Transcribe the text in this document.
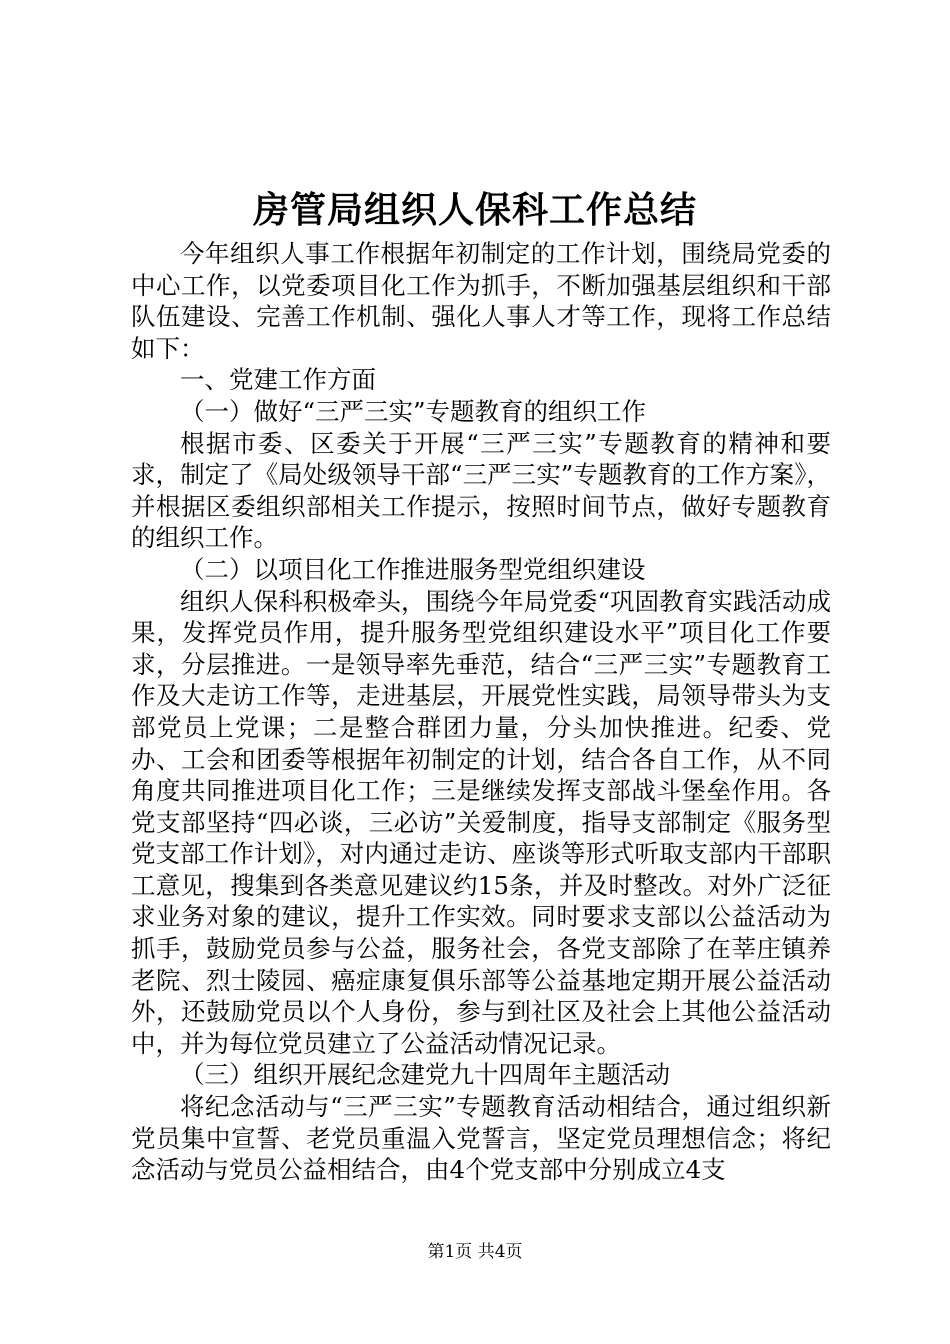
房管局组织人保科工作总结

今年组织人事工作根据年初制定的工作计划，围绕局党委的中心工作，以党委项目化工作为抓手，不断加强基层组织和干部队伍建设、完善工作机制、强化人事人才等工作，现将工作总结如下：

一、党建工作方面

（一）做好“三严三实”专题教育的组织工作

根据市委、区委关于开展“三严三实”专题教育的精神和要求，制定了《局处级领导干部“三严三实”专题教育的工作方案》，并根据区委组织部相关工作提示，按照时间节点，做好专题教育的组织工作。

（二）以项目化工作推进服务型党组织建设

组织人保科积极牵头，围绕今年局党委“巩固教育实践活动成果，发挥党员作用，提升服务型党组织建设水平”项目化工作要求，分层推进。一是领导率先垂范，结合“三严三实”专题教育工作及大走访工作等，走进基层，开展党性实践，局领导带头为支部党员上党课；二是整合群团力量，分头加快推进。纪委、党办、工会和团委等根据年初制定的计划，结合各自工作，从不同角度共同推进项目化工作；三是继续发挥支部战斗堡垒作用。各党支部坚持“四必谈，三必访”关爱制度，指导支部制定《服务型党支部工作计划》，对内通过走访、座谈等形式听取支部内干部职工意见，搜集到各类意见建议约15条，并及时整改。对外广泛征求业务对象的建议，提升工作实效。同时要求支部以公益活动为抓手，鼓励党员参与公益，服务社会，各党支部除了在莘庄镇养老院、烈士陵园、癌症康复俱乐部等公益基地定期开展公益活动外，还鼓励党员以个人身份，参与到社区及社会上其他公益活动中，并为每位党员建立了公益活动情况记录。

（三）组织开展纪念建党九十四周年主题活动

将纪念活动与“三严三实”专题教育活动相结合，通过组织新党员集中宣誓、老党员重温入党誓言，坚定党员理想信念；将纪念活动与党员公益相结合，由4个党支部中分别成立4支

第1页 共4页
